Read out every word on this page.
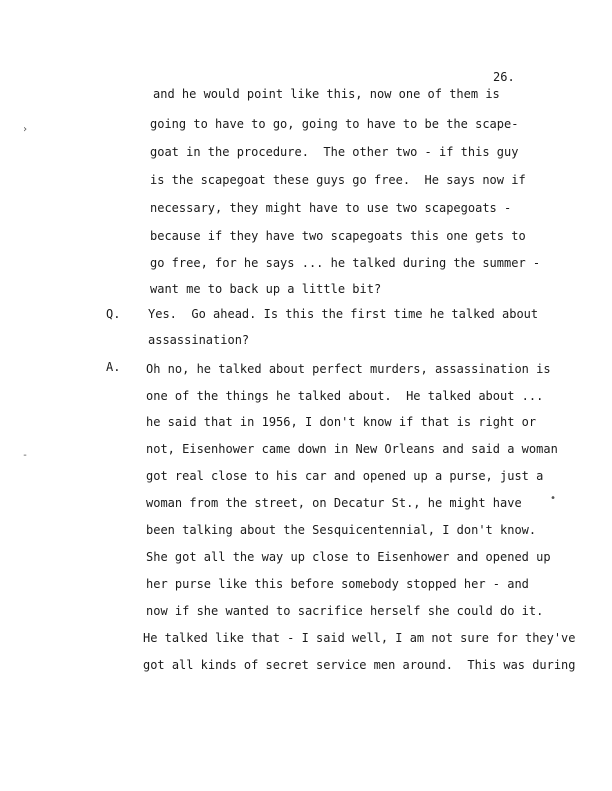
26.
Q.
A.
and he would point like this, now one of them is
going to have to go, going to have to be the scape-
goat in the procedure.  The other two - if this guy
is the scapegoat these guys go free.  He says now if
necessary, they might have to use two scapegoats -
because if they have two scapegoats this one gets to
go free, for he says ... he talked during the summer -
want me to back up a little bit?
Yes.  Go ahead. Is this the first time he talked about
assassination?
Oh no, he talked about perfect murders, assassination is
one of the things he talked about.  He talked about ...
he said that in 1956, I don't know if that is right or
not, Eisenhower came down in New Orleans and said a woman
got real close to his car and opened up a purse, just a
woman from the street, on Decatur St., he might have
been talking about the Sesquicentennial, I don't know.
She got all the way up close to Eisenhower and opened up
her purse like this before somebody stopped her - and
now if she wanted to sacrifice herself she could do it.
He talked like that - I said well, I am not sure for they've
got all kinds of secret service men around.  This was during
›
-
•
